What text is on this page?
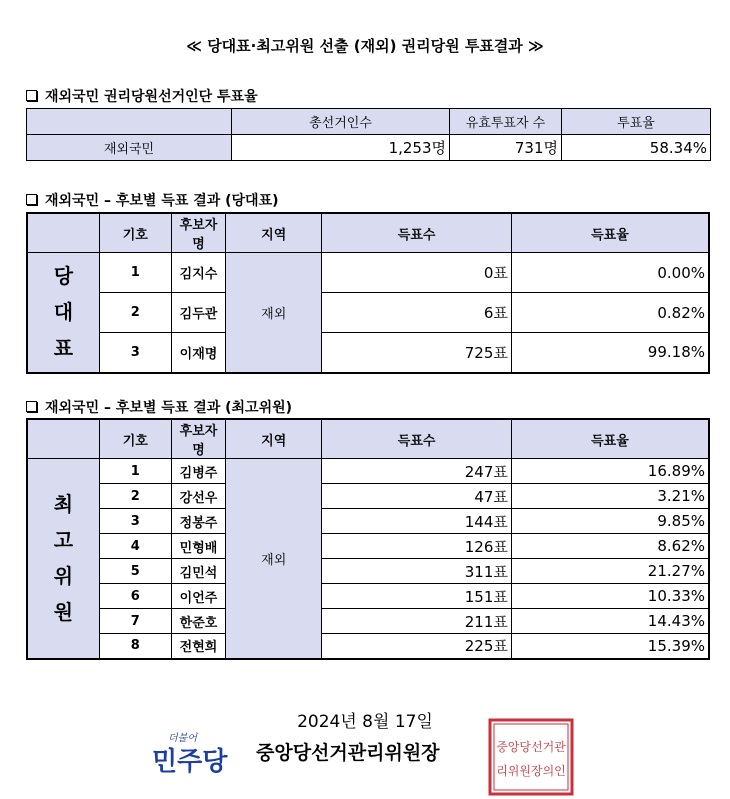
≪ 당대표·최고위원 선출 (재외) 권리당원 투표결과 ≫
재외국민 권리당원선거인단 투표율
	총선거인수	유효투표자 수	투표율
재외국민	1,253명	731명	58.34%
재외국민 – 후보별 득표 결과 (당대표)
	기호	후보자명	지역	득표수	득표율

당
대
표	1	김지수	재외	0표	0.00%
	2	김두관		6표	0.82%
	3	이재명		725표	99.18%
재외국민 – 후보별 득표 결과 (최고위원)
	기호	후보자명	지역	득표수	득표율

최
고
위
원	1	김병주	재외	247표	16.89%
	2	강선우		47표	3.21%
	3	정봉주		144표	9.85%
	4	민형배		126표	8.62%
	5	김민석		311표	21.27%
	6	이언주		151표	10.33%
	7	한준호		211표	14.43%
	8	전현희		225표	15.39%
2024년 8월 17일
더불어
민주당 중앙당선거관리위원장	중앙당선거관
리위원장의인
